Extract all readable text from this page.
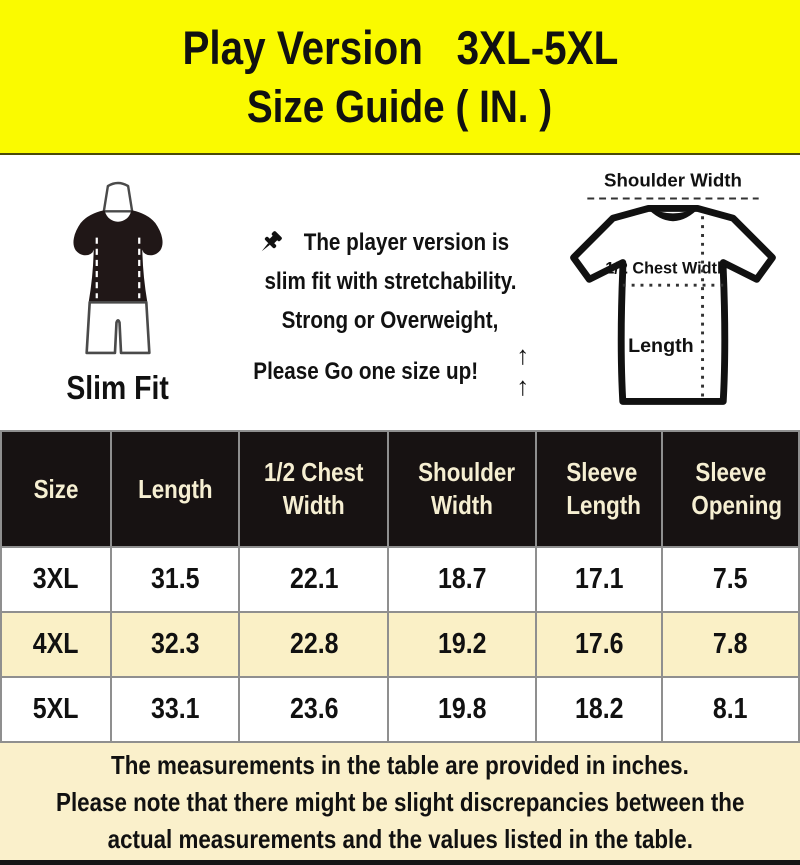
Play Version   3XL-5XL
Size Guide ( IN. )
Slim Fit
The player version is
slim fit with stretchability.
Strong or Overweight,
Please Go one size up!
↑ ↑
Shoulder Width
1/2 Chest Width
Length
Size	Length	1/2 Chest Width	Shoulder Width	Sleeve Length	Sleeve Opening
3XL	31.5	22.1	18.7	17.1	7.5
4XL	32.3	22.8	19.2	17.6	7.8
5XL	33.1	23.6	19.8	18.2	8.1
The measurements in the table are provided in inches.
Please note that there might be slight discrepancies between the
actual measurements and the values listed in the table.
